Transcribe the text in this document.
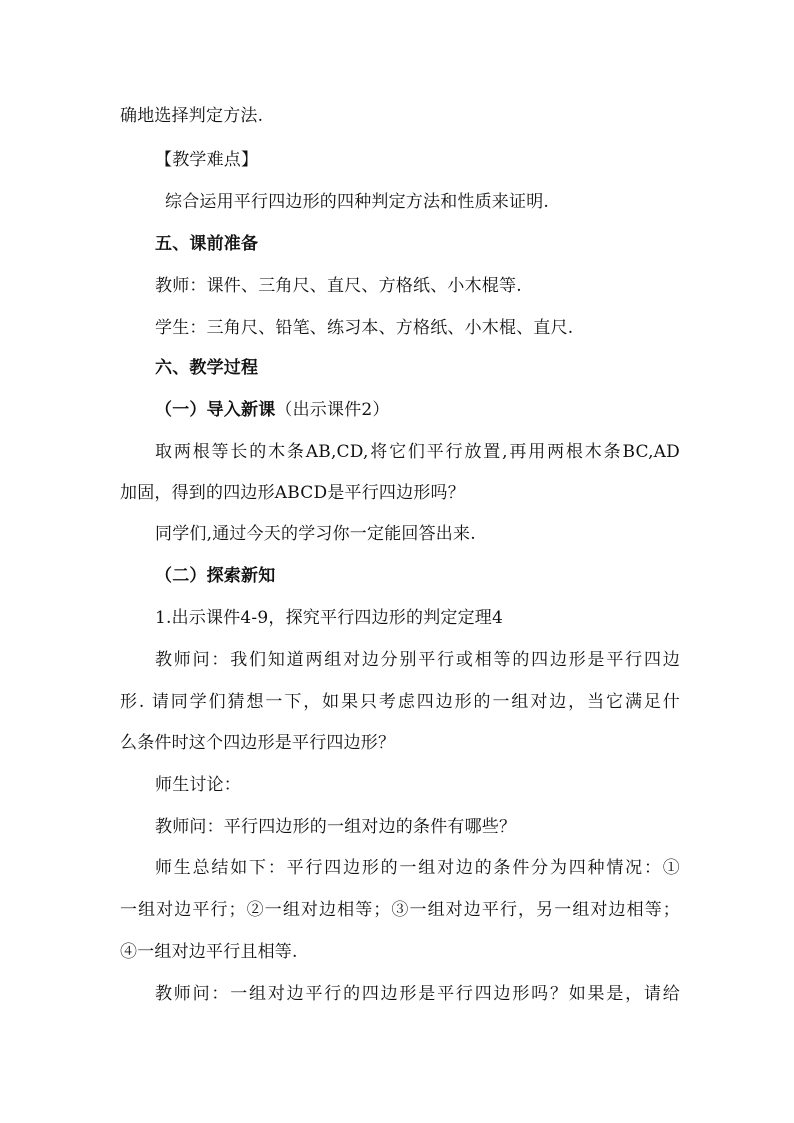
确地选择判定方法.
【教学难点】
综合运用平行四边形的四种判定方法和性质来证明.
五、课前准备
教师：课件、三角尺、直尺、方格纸、小木棍等.
学生：三角尺、铅笔、练习本、方格纸、小木棍、直尺.
六、教学过程
（一）导入新课（出示课件2）
取两根等长的木条AB,CD,将它们平行放置,再用两根木条BC,AD
加固，得到的四边形ABCD是平行四边形吗？
同学们,通过今天的学习你一定能回答出来.
（二）探索新知
1.出示课件4-9，探究平行四边形的判定定理4
教师问：我们知道两组对边分别平行或相等的四边形是平行四边
形. 请同学们猜想一下，如果只考虑四边形的一组对边，当它满足什
么条件时这个四边形是平行四边形？
师生讨论：
教师问：平行四边形的一组对边的条件有哪些？
师生总结如下：平行四边形的一组对边的条件分为四种情况：①
一组对边平行；②一组对边相等；③一组对边平行，另一组对边相等；
④一组对边平行且相等.
教师问：一组对边平行的四边形是平行四边形吗？如果是，请给
